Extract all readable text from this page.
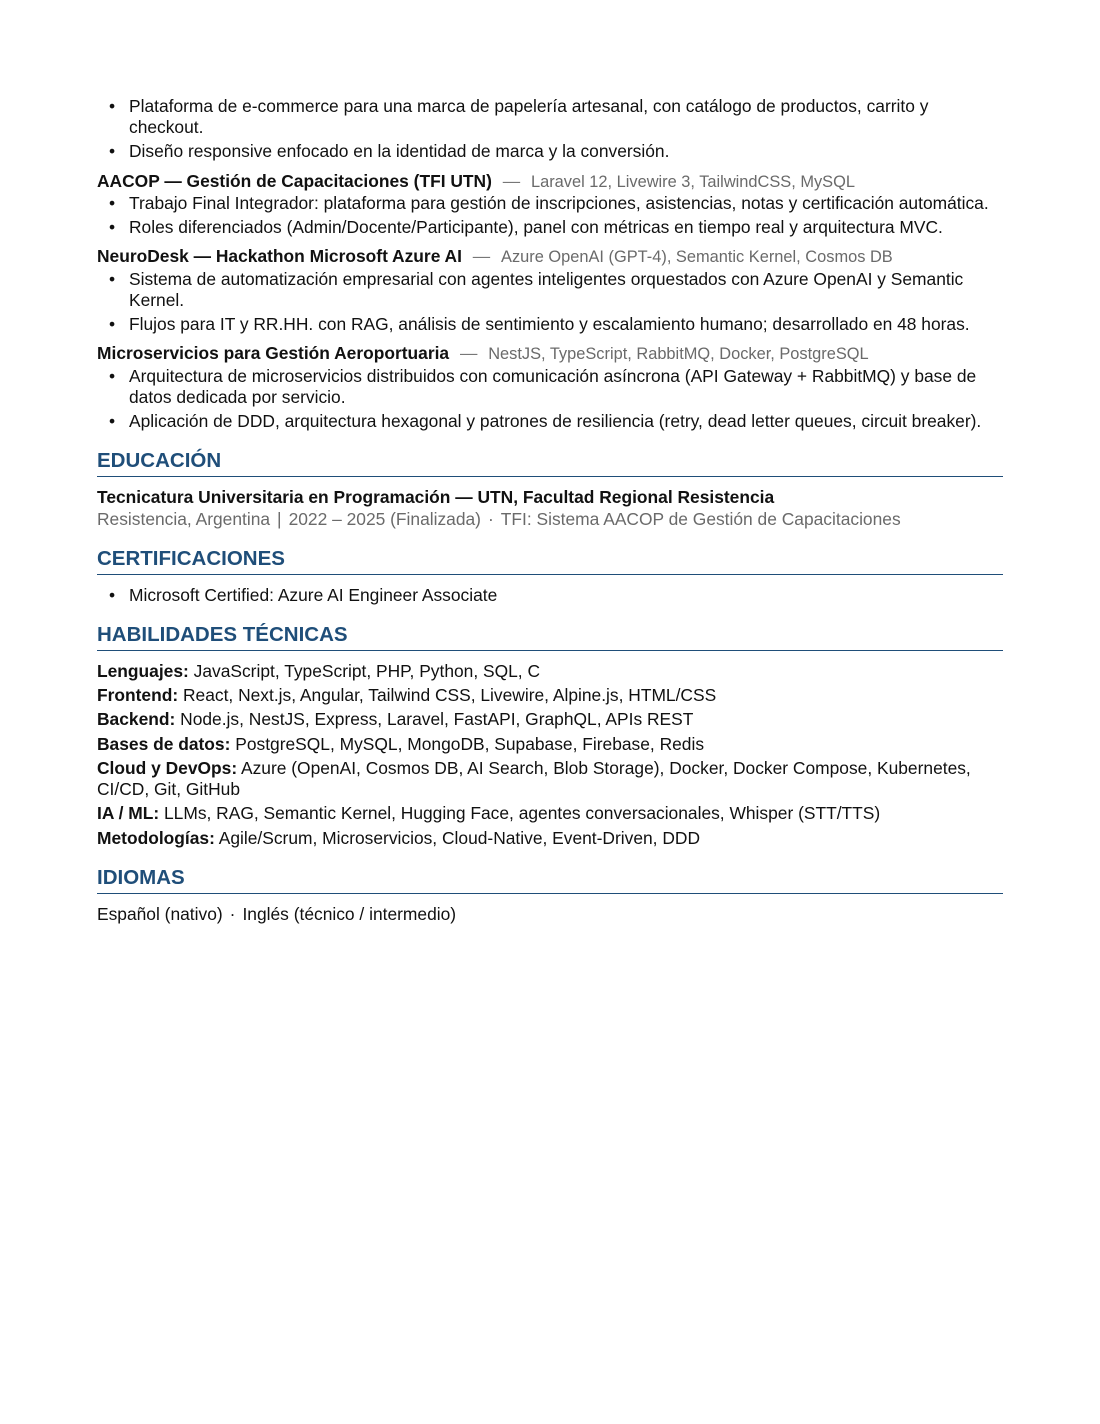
• Plataforma de e-commerce para una marca de papelería artesanal, con catálogo de productos, carrito y checkout.
• Diseño responsive enfocado en la identidad de marca y la conversión.
AACOP — Gestión de Capacitaciones (TFI UTN) — Laravel 12, Livewire 3, TailwindCSS, MySQL
• Trabajo Final Integrador: plataforma para gestión de inscripciones, asistencias, notas y certificación automática.
• Roles diferenciados (Admin/Docente/Participante), panel con métricas en tiempo real y arquitectura MVC.
NeuroDesk — Hackathon Microsoft Azure AI — Azure OpenAI (GPT-4), Semantic Kernel, Cosmos DB
• Sistema de automatización empresarial con agentes inteligentes orquestados con Azure OpenAI y Semantic Kernel.
• Flujos para IT y RR.HH. con RAG, análisis de sentimiento y escalamiento humano; desarrollado en 48 horas.
Microservicios para Gestión Aeroportuaria — NestJS, TypeScript, RabbitMQ, Docker, PostgreSQL
• Arquitectura de microservicios distribuidos con comunicación asíncrona (API Gateway + RabbitMQ) y base de datos dedicada por servicio.
• Aplicación de DDD, arquitectura hexagonal y patrones de resiliencia (retry, dead letter queues, circuit breaker).
EDUCACIÓN
Tecnicatura Universitaria en Programación — UTN, Facultad Regional Resistencia
Resistencia, Argentina | 2022 – 2025 (Finalizada) · TFI: Sistema AACOP de Gestión de Capacitaciones
CERTIFICACIONES
• Microsoft Certified: Azure AI Engineer Associate
HABILIDADES TÉCNICAS
Lenguajes: JavaScript, TypeScript, PHP, Python, SQL, C
Frontend: React, Next.js, Angular, Tailwind CSS, Livewire, Alpine.js, HTML/CSS
Backend: Node.js, NestJS, Express, Laravel, FastAPI, GraphQL, APIs REST
Bases de datos: PostgreSQL, MySQL, MongoDB, Supabase, Firebase, Redis
Cloud y DevOps: Azure (OpenAI, Cosmos DB, AI Search, Blob Storage), Docker, Docker Compose, Kubernetes, CI/CD, Git, GitHub
IA / ML: LLMs, RAG, Semantic Kernel, Hugging Face, agentes conversacionales, Whisper (STT/TTS)
Metodologías: Agile/Scrum, Microservicios, Cloud-Native, Event-Driven, DDD
IDIOMAS
Español (nativo) · Inglés (técnico / intermedio)
